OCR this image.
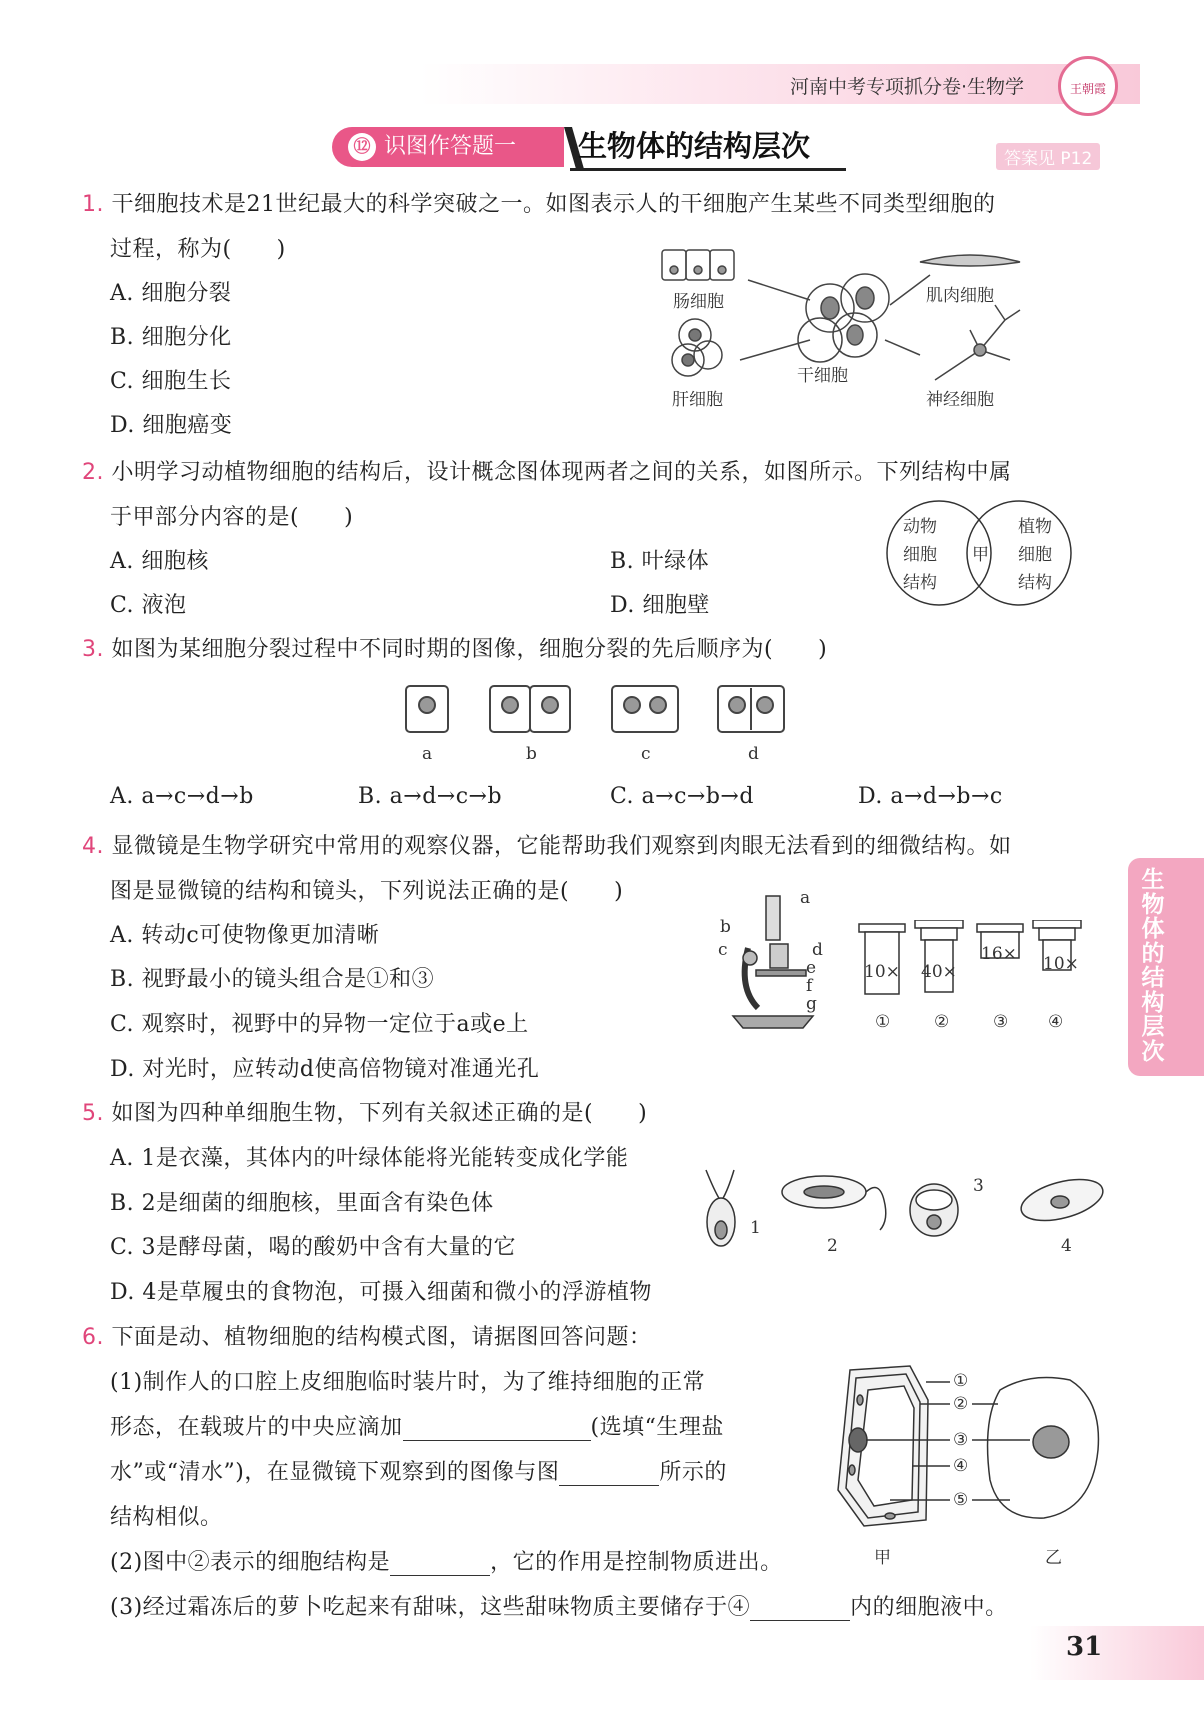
河南中考专项抓分卷·生物学	王朝霞
⑫ 识图作答题一	生物体的结构层次	答案见 P12
1. 干细胞技术是21世纪最大的科学突破之一。如图表示人的干细胞产生某些不同类型细胞的
过程，称为(　　)
A. 细胞分裂
B. 细胞分化
C. 细胞生长
D. 细胞癌变
肠细胞	肌肉细胞
干细胞
肝细胞	神经细胞
2. 小明学习动植物细胞的结构后，设计概念图体现两者之间的关系，如图所示。下列结构中属
于甲部分内容的是(　　)
A. 细胞核	B. 叶绿体
C. 液泡	D. 细胞壁
动物
细胞
结构
甲
植物
细胞
结构
3. 如图为某细胞分裂过程中不同时期的图像，细胞分裂的先后顺序为(　　)
a	b	c	d
A. a→c→d→b	B. a→d→c→b	C. a→c→b→d	D. a→d→b→c
4. 显微镜是生物学研究中常用的观察仪器，它能帮助我们观察到肉眼无法看到的细微结构。如
图是显微镜的结构和镜头，下列说法正确的是(　　)
A. 转动c可使物像更加清晰
B. 视野最小的镜头组合是①和③
C. 观察时，视野中的异物一定位于a或e上
D. 对光时，应转动d使高倍物镜对准通光孔
a
b
c	d
e
f
g
10× 40×
16× 10×
①	②	③ ④
5. 如图为四种单细胞生物，下列有关叙述正确的是(　　)
A. 1是衣藻，其体内的叶绿体能将光能转变成化学能
B. 2是细菌的细胞核，里面含有染色体
C. 3是酵母菌，喝的酸奶中含有大量的它
D. 4是草履虫的食物泡，可摄入细菌和微小的浮游植物
1
2
3
4
6. 下面是动、植物细胞的结构模式图，请据图回答问题：
(1)制作人的口腔上皮细胞临时装片时，为了维持细胞的正常
形态，在载玻片的中央应滴加	(选填“生理盐
水”或“清水”)，在显微镜下观察到的图像与图	所示的
结构相似。
(2)图中②表示的细胞结构是	，它的作用是控制物质进出。
(3)经过霜冻后的萝卜吃起来有甜味，这些甜味物质主要储存于④	内的细胞液中。
①
②
③
④
⑤
甲	乙
生物体的结构层次
31
